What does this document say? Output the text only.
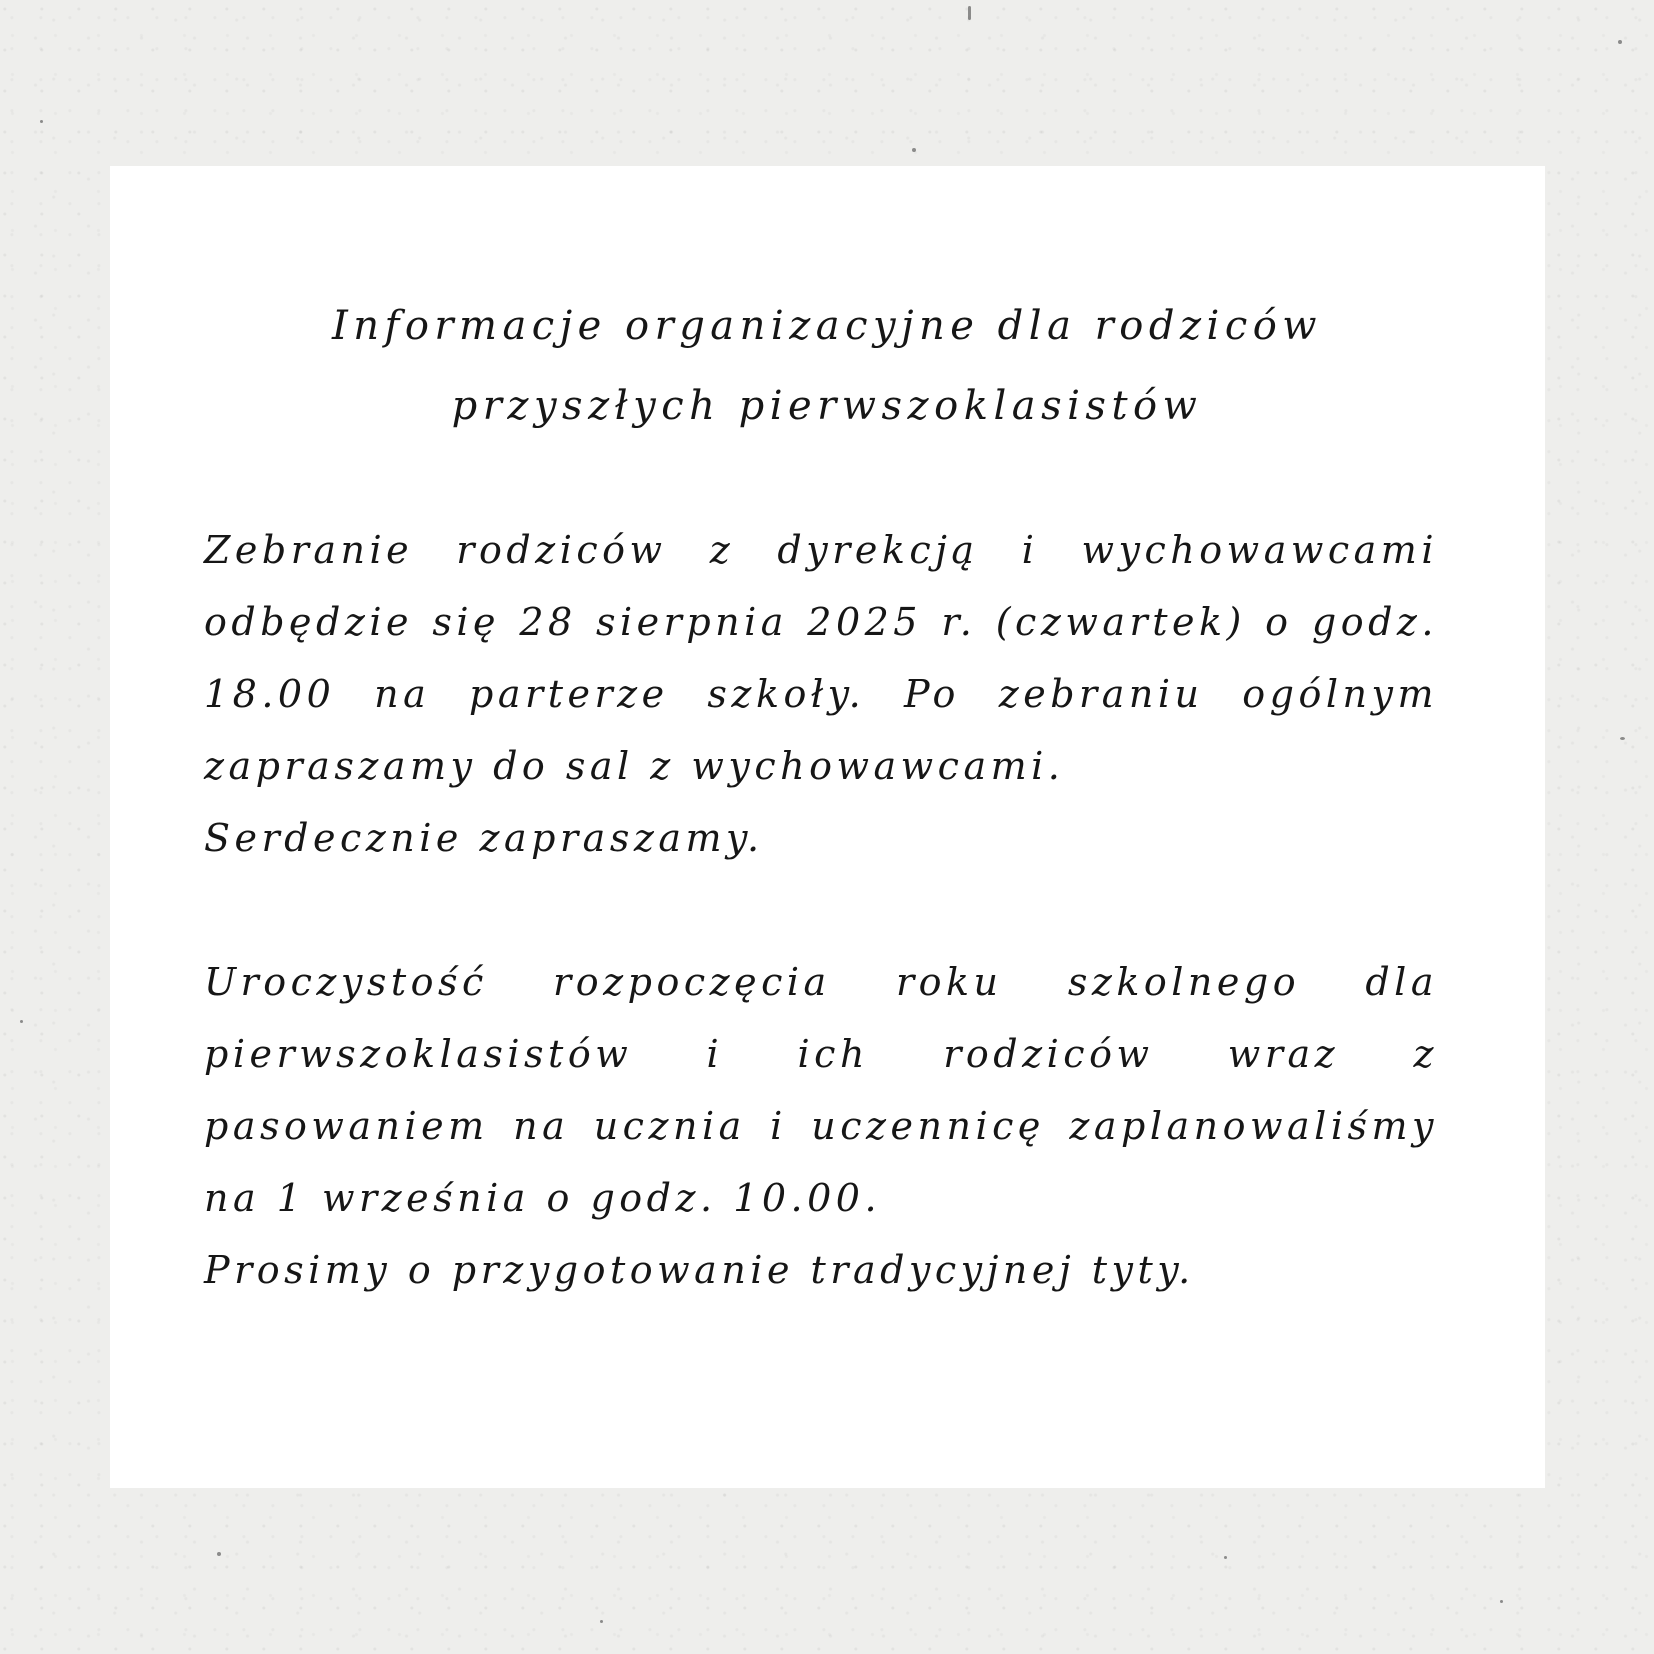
Informacje organizacyjne dla rodziców
przyszłych pierwszoklasistów
Zebranie rodziców z dyrekcją i wychowawcami odbędzie się 28 sierpnia 2025 r. (czwartek) o godz. 18.00 na parterze szkoły. Po zebraniu ogólnym zapraszamy do sal z wychowawcami.
Serdecznie zapraszamy.
Uroczystość rozpoczęcia roku szkolnego dla pierwszoklasistów i ich rodziców wraz z pasowaniem na ucznia i uczennicę zaplanowaliśmy na 1 września o godz. 10.00.
Prosimy o przygotowanie tradycyjnej tyty.
